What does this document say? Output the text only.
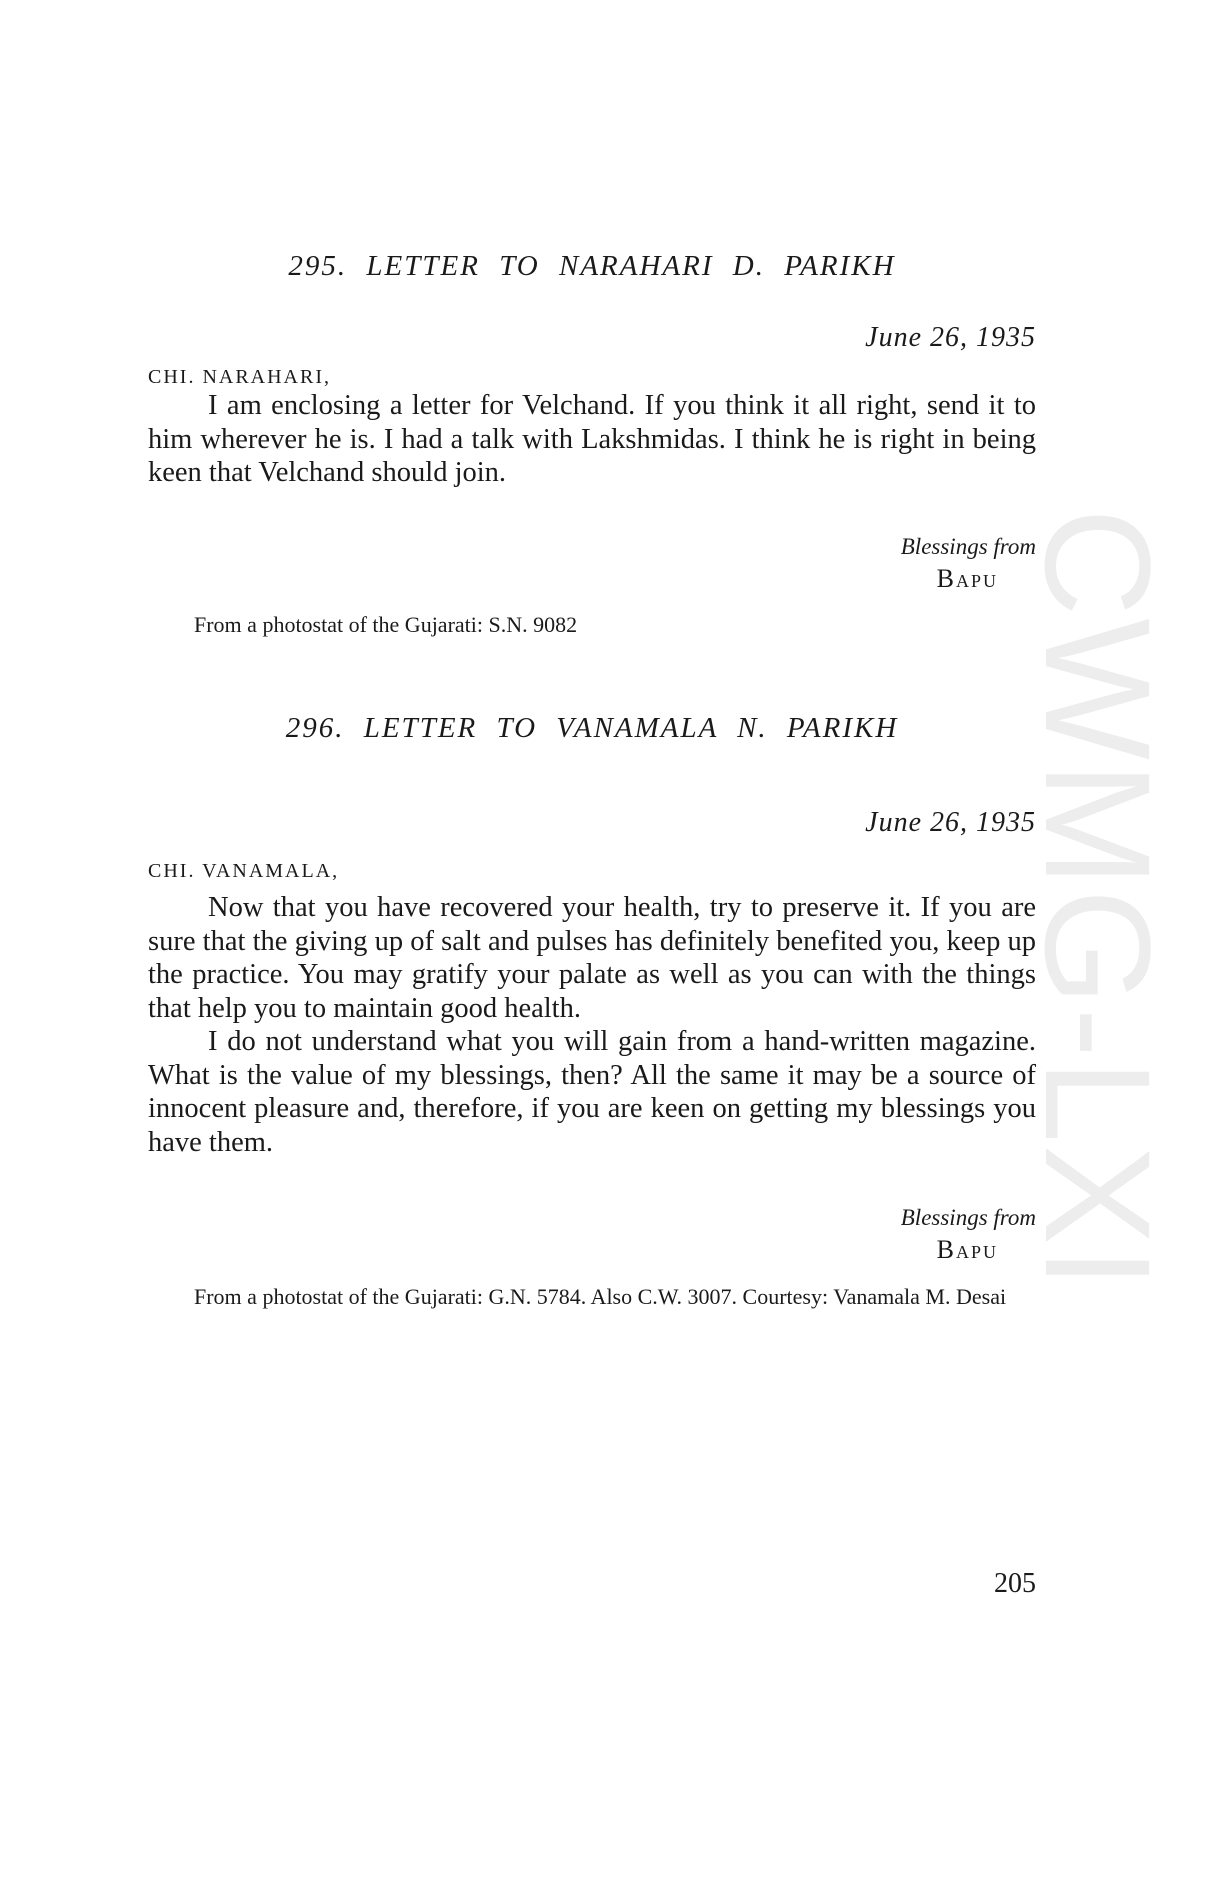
CWMG-LXI
295. LETTER TO NARAHARI D. PARIKH
June 26, 1935
CHI. NARAHARI,

I am enclosing a letter for Velchand. If you think it all right, send it to him wherever he is. I had a talk with Lakshmidas. I think he is right in being keen that Velchand should join.

Blessings from
Bapu
From a photostat of the Gujarati: S.N. 9082
296. LETTER TO VANAMALA N. PARIKH
June 26, 1935
CHI. VANAMALA,

Now that you have recovered your health, try to preserve it. If you are sure that the giving up of salt and pulses has definitely benefited you, keep up the practice. You may gratify your palate as well as you can with the things that help you to maintain good health.

I do not understand what you will gain from a hand-written magazine. What is the value of my blessings, then? All the same it may be a source of innocent pleasure and, therefore, if you are keen on getting my blessings you have them.

Blessings from
Bapu
From a photostat of the Gujarati: G.N. 5784. Also C.W. 3007. Courtesy: Vanamala M. Desai
205
